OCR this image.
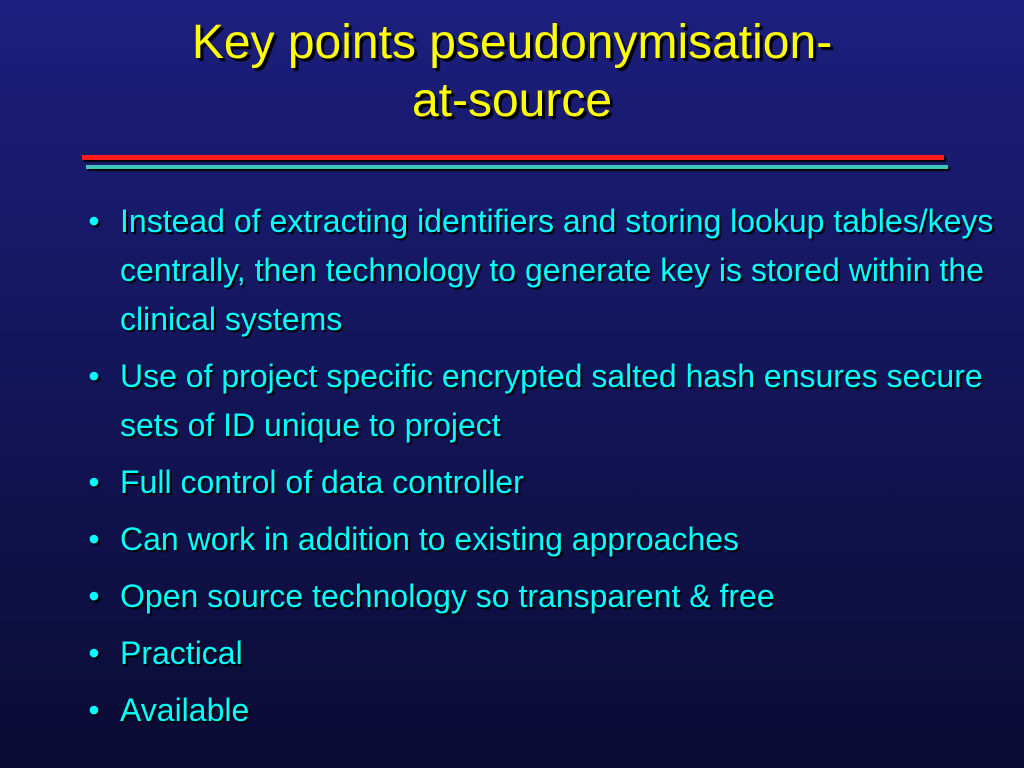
Key points pseudonymisation-
at-source
• Instead of extracting identifiers and storing lookup tables/keys centrally, then technology to generate key is stored within the clinical systems
• Use of project specific encrypted salted hash ensures secure sets of ID unique to project
• Full control of data controller
• Can work in addition to existing approaches
• Open source technology so transparent & free
• Practical
• Available
